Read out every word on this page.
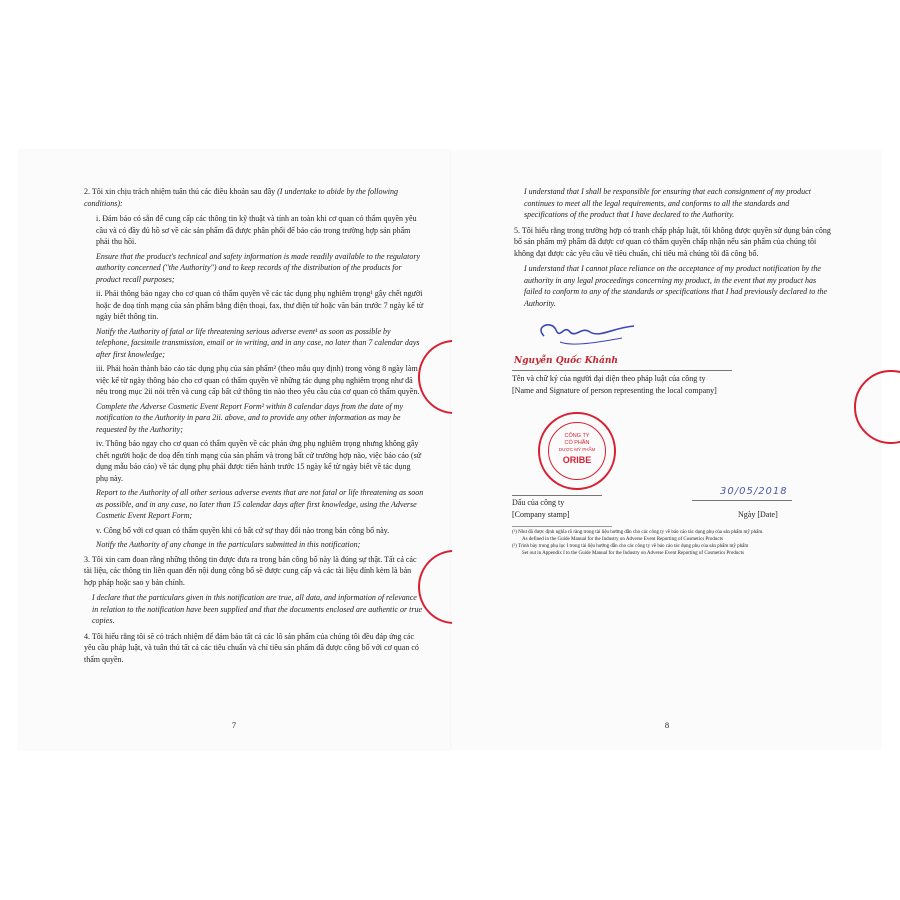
2. Tôi xin chịu trách nhiệm tuân thủ các điều khoản sau đây (I undertake to abide by the following conditions):

i. Đảm bảo có sẵn để cung cấp các thông tin kỹ thuật và tính an toàn khi cơ quan có thẩm quyền yêu cầu và có đầy đủ hồ sơ về các sản phẩm đã được phân phối để báo cáo trong trường hợp sản phẩm phải thu hồi.

Ensure that the product's technical and safety information is made readily available to the regulatory authority concerned ("the Authority") and to keep records of the distribution of the products for product recall purposes;

ii. Phải thông báo ngay cho cơ quan có thẩm quyền về các tác dụng phụ nghiêm trọng¹ gây chết người hoặc đe doạ tính mạng của sản phẩm bằng điện thoại, fax, thư điện tử hoặc văn bản trước 7 ngày kể từ ngày biết thông tin.

Notify the Authority of fatal or life threatening serious adverse event¹ as soon as possible by telephone, facsimile transmission, email or in writing, and in any case, no later than 7 calendar days after first knowledge;

iii. Phải hoàn thành báo cáo tác dụng phụ của sản phẩm² (theo mẫu quy định) trong vòng 8 ngày làm việc kể từ ngày thông báo cho cơ quan có thẩm quyền về những tác dụng phụ nghiêm trọng như đã nêu trong mục 2ii nói trên và cung cấp bất cứ thông tin nào theo yêu cầu của cơ quan có thẩm quyền.

Complete the Adverse Cosmetic Event Report Form² within 8 calendar days from the date of my notification to the Authority in para 2ii. above, and to provide any other information as may be requested by the Authority;

iv. Thông báo ngay cho cơ quan có thẩm quyền về các phản ứng phụ nghiêm trọng nhưng không gây chết người hoặc đe doạ đến tính mạng của sản phẩm và trong bất cứ trường hợp nào, việc báo cáo (sử dụng mẫu báo cáo) về tác dụng phụ phải được tiến hành trước 15 ngày kể từ ngày biết về tác dụng phụ này.

Report to the Authority of all other serious adverse events that are not fatal or life threatening as soon as possible, and in any case, no later than 15 calendar days after first knowledge, using the Adverse Cosmetic Event Report Form;

v. Công bố với cơ quan có thẩm quyền khi có bất cứ sự thay đổi nào trong bản công bố này.

Notify the Authority of any change in the particulars submitted in this notification;

3. Tôi xin cam đoan rằng những thông tin được đưa ra trong bản công bố này là đúng sự thật. Tất cả các tài liệu, các thông tin liên quan đến nội dung công bố sẽ được cung cấp và các tài liệu đính kèm là bản hợp pháp hoặc sao y bản chính.

I declare that the particulars given in this notification are true, all data, and information of relevance in relation to the notification have been supplied and that the documents enclosed are authentic or true copies.

4. Tôi hiểu rằng tôi sẽ có trách nhiệm để đảm bảo tất cả các lô sản phẩm của chúng tôi đều đáp ứng các yêu cầu pháp luật, và tuân thủ tất cả các tiêu chuẩn và chỉ tiêu sản phẩm đã được công bố với cơ quan có thẩm quyền.

7

I understand that I shall be responsible for ensuring that each consignment of my product continues to meet all the legal requirements, and conforms to all the standards and specifications of the product that I have declared to the Authority.

5. Tôi hiểu rằng trong trường hợp có tranh chấp pháp luật, tôi không được quyền sử dụng bản công bố sản phẩm mỹ phẩm đã được cơ quan có thẩm quyền chấp nhận nếu sản phẩm của chúng tôi không đạt được các yêu cầu về tiêu chuẩn, chỉ tiêu mà chúng tôi đã công bố.

I understand that I cannot place reliance on the acceptance of my product notification by the authority in any legal proceedings concerning my product, in the event that my product has failed to conform to any of the standards or specifications that I had previously declared to the Authority.

Nguyễn Quốc Khánh
Tên và chữ ký của người đại diện theo pháp luật của công ty
[Name and Signature of person representing the local company]
CÔNG TY
CỔ PHẦN
DƯỢC MỸ PHẨM
ORIBE
30/05/2018
Dấu của công ty
[Company stamp]	Ngày [Date]
(¹) Như đã được định nghĩa rõ ràng trong tài liệu hướng dẫn cho các công ty về báo cáo tác dụng phụ của sản phẩm mỹ phẩm.
As defined in the Guide Manual for the Industry on Adverse Event Reporting of Cosmetics Products
(²) Trình bày trong phụ lục I trong tài liệu hướng dẫn cho các công ty về báo cáo tác dụng phụ của sản phẩm mỹ phẩm
Set out in Appendix I to the Guide Manual for the Industry on Adverse Event Reporting of Cosmetics Products
8
